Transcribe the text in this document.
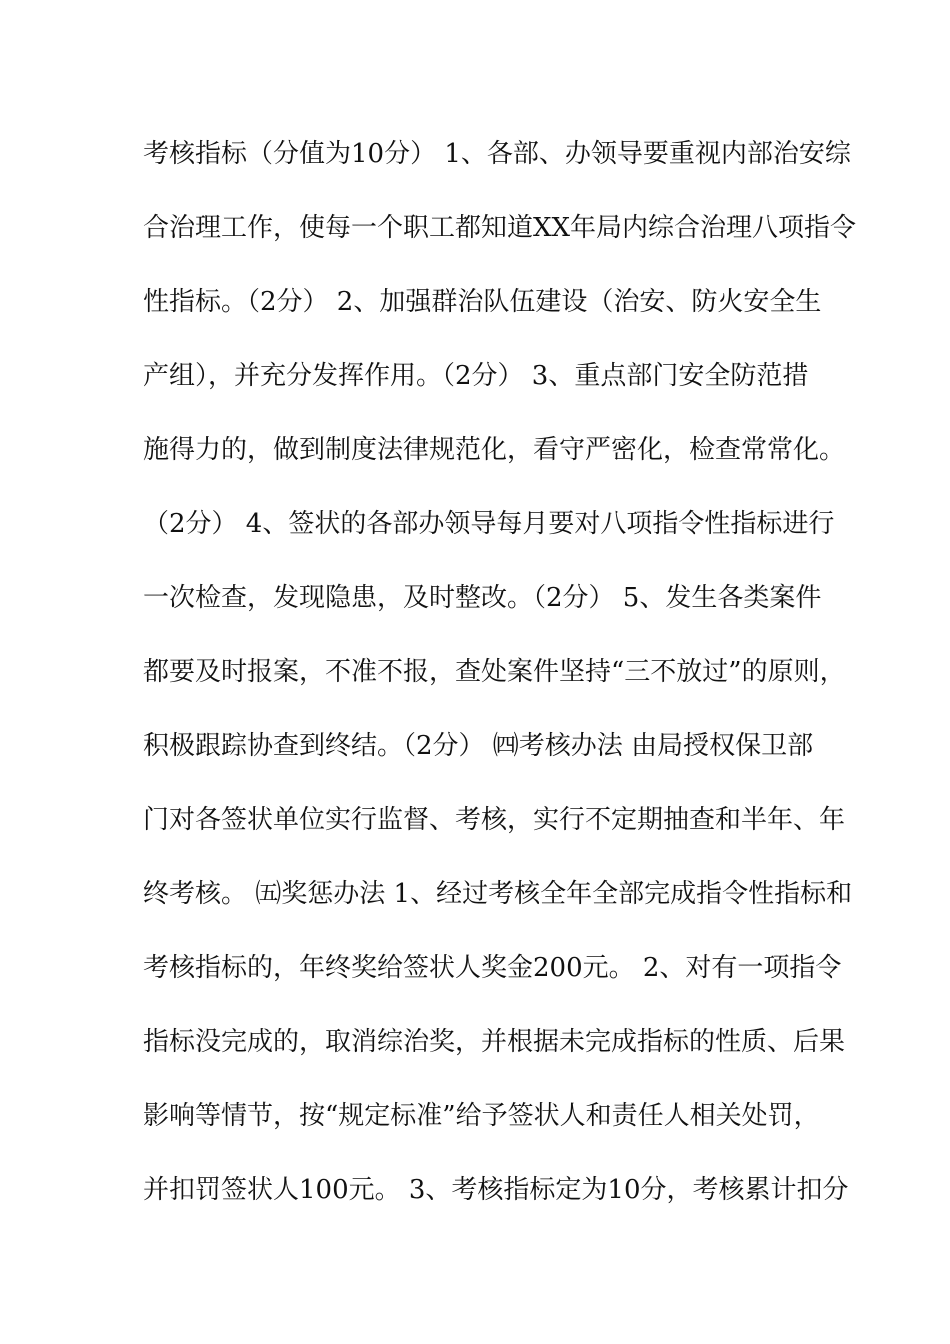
考核指标（分值为10分） 1、各部、办领导要重视内部治安综
合治理工作，使每一个职工都知道XX年局内综合治理八项指令
性指标。（2分） 2、加强群治队伍建设（治安、防火安全生
产组），并充分发挥作用。（2分） 3、重点部门安全防范措
施得力的，做到制度法律规范化，看守严密化，检查常常化。
（2分） 4、签状的各部办领导每月要对八项指令性指标进行
一次检查，发现隐患，及时整改。（2分） 5、发生各类案件
都要及时报案，不准不报，查处案件坚持“三不放过”的原则，
积极跟踪协查到终结。（2分） ㈣考核办法 由局授权保卫部
门对各签状单位实行监督、考核，实行不定期抽查和半年、年
终考核。 ㈤奖惩办法 1、经过考核全年全部完成指令性指标和
考核指标的，年终奖给签状人奖金200元。 2、对有一项指令
指标没完成的，取消综治奖，并根据未完成指标的性质、后果
影响等情节，按“规定标准”给予签状人和责任人相关处罚，
并扣罚签状人100元。 3、考核指标定为10分，考核累计扣分
